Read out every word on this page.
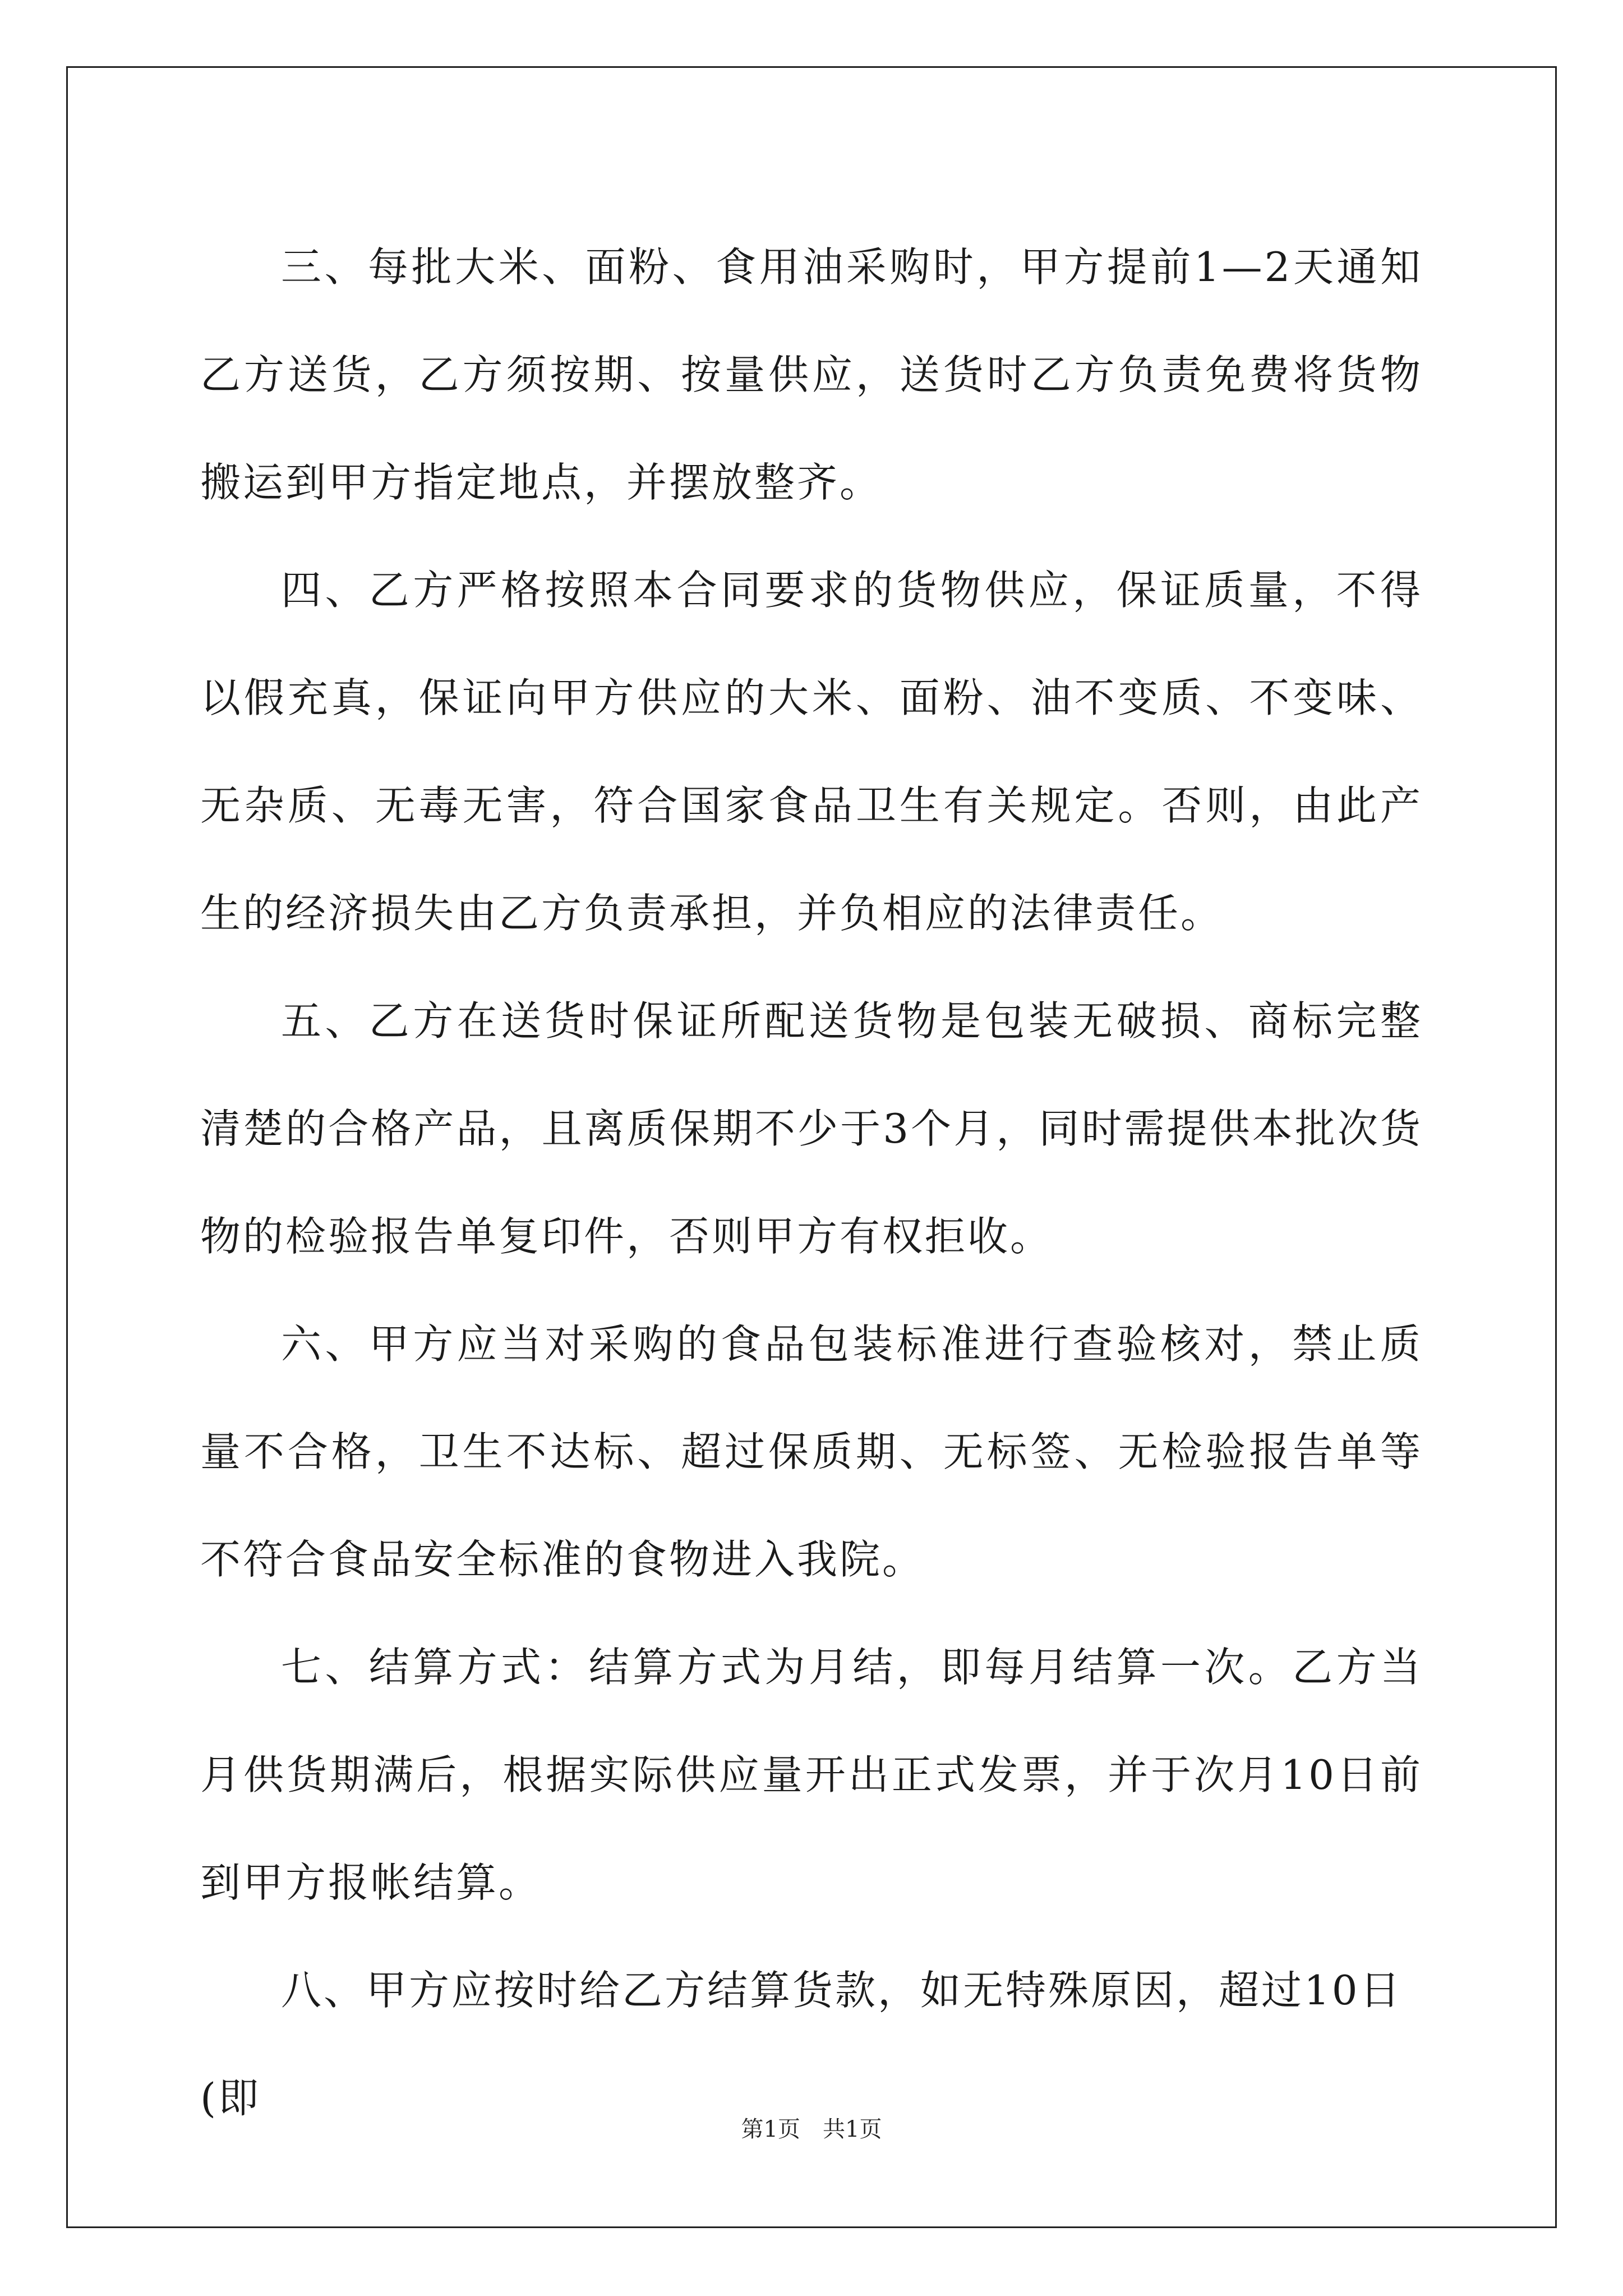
三、每批大米、面粉、食用油采购时，甲方提前1—2天通知乙方送货，乙方须按期、按量供应，送货时乙方负责免费将货物搬运到甲方指定地点，并摆放整齐。

四、乙方严格按照本合同要求的货物供应，保证质量，不得以假充真，保证向甲方供应的大米、面粉、油不变质、不变味、无杂质、无毒无害，符合国家食品卫生有关规定。否则，由此产生的经济损失由乙方负责承担，并负相应的法律责任。

五、乙方在送货时保证所配送货物是包装无破损、商标完整清楚的合格产品，且离质保期不少于3个月，同时需提供本批次货物的检验报告单复印件，否则甲方有权拒收。

六、甲方应当对采购的食品包装标准进行查验核对，禁止质量不合格，卫生不达标、超过保质期、无标签、无检验报告单等不符合食品安全标准的食物进入我院。

七、结算方式：结算方式为月结，即每月结算一次。乙方当月供货期满后，根据实际供应量开出正式发票，并于次月10日前到甲方报帐结算。

八、甲方应按时给乙方结算货款，如无特殊原因，超过10日(即

第1页 共1页
